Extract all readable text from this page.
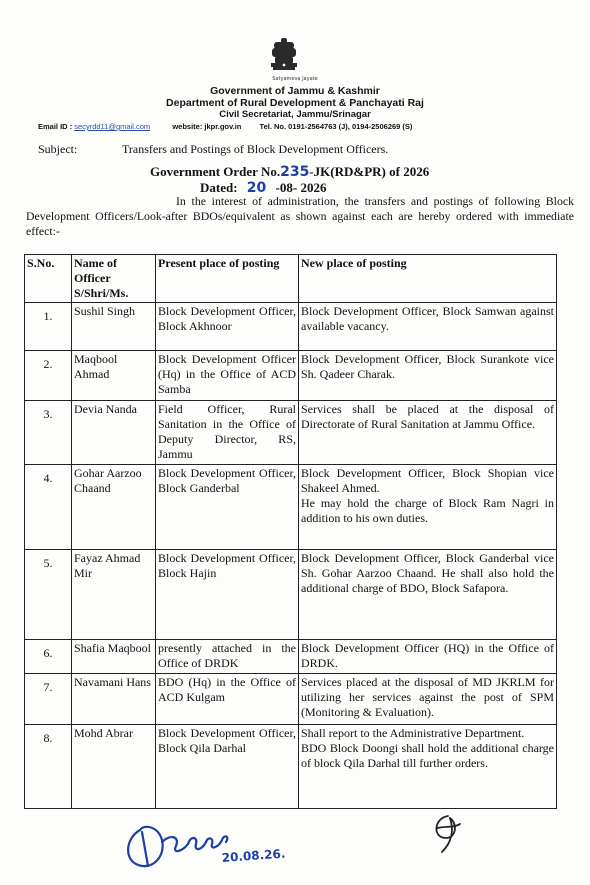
Satyameva Jayate
Government of Jammu & Kashmir
Department of Rural Development & Panchayati Raj
Civil Secretariat, Jammu/Srinagar
Email ID : secyrdd11@gmail.com	website: jkpr.gov.in Tel. No. 0191-2564763 (J), 0194-2506269 (S)
Subject:	Transfers and Postings of Block Development Officers.
Government Order No.235-JK(RD&PR) of 2026
Dated: 20 -08- 2026
In the interest of administration, the transfers and postings of following Block Development Officers/Look-after BDOs/equivalent as shown against each are hereby ordered with immediate effect:-
S.No.	Name of Officer S/Shri/Ms.	Present place of posting	New place of posting
1.	Sushil Singh	Block Development Officer, Block Akhnoor	Block Development Officer, Block Samwan against available vacancy.
2.	Maqbool Ahmad	Block Development Officer (Hq) in the Office of ACD Samba	Block Development Officer, Block Surankote vice Sh. Qadeer Charak.
3.	Devia Nanda	Field Officer, Rural Sanitation in the Office of Deputy Director, RS, Jammu	Services shall be placed at the disposal of Directorate of Rural Sanitation at Jammu Office.
4.	Gohar Aarzoo Chaand	Block Development Officer, Block Ganderbal	Block Development Officer, Block Shopian vice Shakeel Ahmed.
He may hold the charge of Block Ram Nagri in addition to his own duties.

5.	Fayaz Ahmad Mir	Block Development Officer, Block Hajin	Block Development Officer, Block Ganderbal vice Sh. Gohar Aarzoo Chaand. He shall also hold the additional charge of BDO, Block Safapora.
6.	Shafia Maqbool	presently attached in the Office of DRDK	Block Development Officer (HQ) in the Office of DRDK.
7.	Navamani Hans	BDO (Hq) in the Office of ACD Kulgam	Services placed at the disposal of MD JKRLM for utilizing her services against the post of SPM (Monitoring & Evaluation).
8.	Mohd Abrar	Block Development Officer, Block Qila Darhal	Shall report to the Administrative Department.
BDO Block Doongi shall hold the additional charge of block Qila Darhal till further orders.
20.08.26.
